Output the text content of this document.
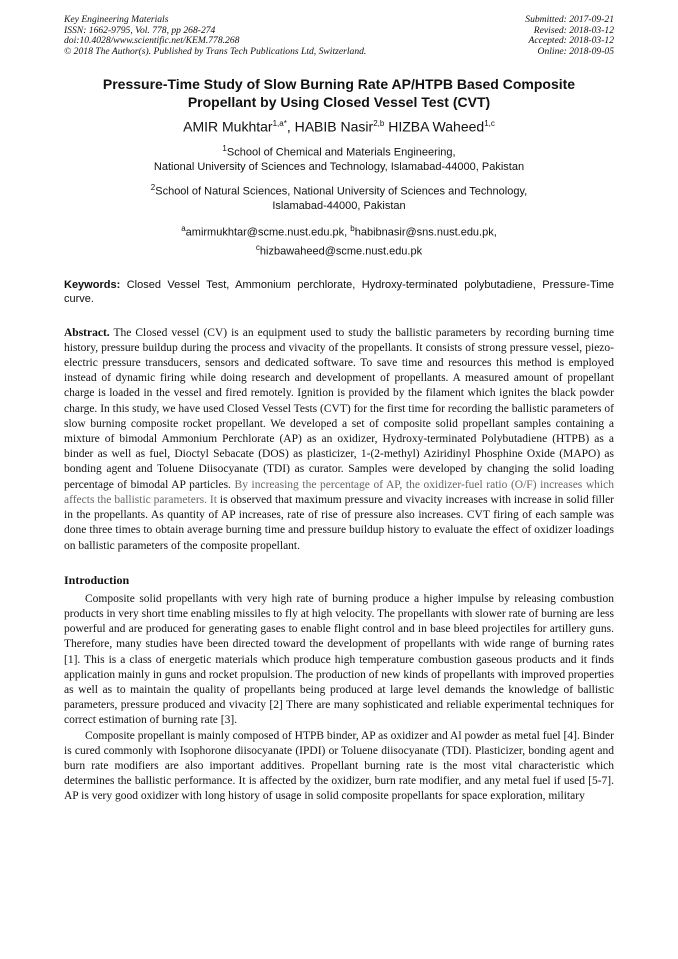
Key Engineering Materials
ISSN: 1662-9795, Vol. 778, pp 268-274
doi:10.4028/www.scientific.net/KEM.778.268
© 2018 The Author(s). Published by Trans Tech Publications Ltd, Switzerland.
Submitted: 2017-09-21
Revised: 2018-03-12
Accepted: 2018-03-12
Online: 2018-09-05
Pressure-Time Study of Slow Burning Rate AP/HTPB Based Composite
Propellant by Using Closed Vessel Test (CVT)
AMIR Mukhtar$^{1,a*}$, HABIB Nasir$^{2,b}$ HIZBA Waheed$^{1,c}$
$^1$School of Chemical and Materials Engineering,
National University of Sciences and Technology, Islamabad-44000, Pakistan
$^2$School of Natural Sciences, National University of Sciences and Technology,
Islamabad-44000, Pakistan
$^a$amirmukhtar@scme.nust.edu.pk, $^b$habibnasir@sns.nust.edu.pk,
$^c$hizbawaheed@scme.nust.edu.pk
Keywords: Closed Vessel Test, Ammonium perchlorate, Hydroxy-terminated polybutadiene, Pressure-Time curve.
Abstract. The Closed vessel (CV) is an equipment used to study the ballistic parameters by recording burning time history, pressure buildup during the process and vivacity of the propellants. It consists of strong pressure vessel, piezo-electric pressure transducers, sensors and dedicated software. To save time and resources this method is employed instead of dynamic firing while doing research and development of propellants. A measured amount of propellant charge is loaded in the vessel and fired remotely. Ignition is provided by the filament which ignites the black powder charge. In this study, we have used Closed Vessel Tests (CVT) for the first time for recording the ballistic parameters of slow burning composite rocket propellant. We developed a set of composite solid propellant samples containing a mixture of bimodal Ammonium Perchlorate (AP) as an oxidizer, Hydroxy-terminated Polybutadiene (HTPB) as a binder as well as fuel, Dioctyl Sebacate (DOS) as plasticizer, 1-(2-methyl) Aziridinyl Phosphine Oxide (MAPO) as bonding agent and Toluene Diisocyanate (TDI) as curator. Samples were developed by changing the solid loading percentage of bimodal AP particles. By increasing the percentage of AP, the oxidizer-fuel ratio (O/F) increases which affects the ballistic parameters. It is observed that maximum pressure and vivacity increases with increase in solid filler in the propellants. As quantity of AP increases, rate of rise of pressure also increases. CVT firing of each sample was done three times to obtain average burning time and pressure buildup history to evaluate the effect of oxidizer loadings on ballistic parameters of the composite propellant.
Introduction

Composite solid propellants with very high rate of burning produce a higher impulse by releasing combustion products in very short time enabling missiles to fly at high velocity. The propellants with slower rate of burning are less powerful and are produced for generating gases to enable flight control and in base bleed projectiles for artillery guns. Therefore, many studies have been directed toward the development of propellants with wide range of burning rates [1]. This is a class of energetic materials which produce high temperature combustion gaseous products and it finds application mainly in guns and rocket propulsion. The production of new kinds of propellants with improved properties as well as to maintain the quality of propellants being produced at large level demands the knowledge of ballistic parameters, pressure produced and vivacity [2] There are many sophisticated and reliable experimental techniques for correct estimation of burning rate [3].

Composite propellant is mainly composed of HTPB binder, AP as oxidizer and Al powder as metal fuel [4]. Binder is cured commonly with Isophorone diisocyanate (IPDI) or Toluene diisocyanate (TDI). Plasticizer, bonding agent and burn rate modifiers are also important additives. Propellant burning rate is the most vital characteristic which determines the ballistic performance. It is affected by the oxidizer, burn rate modifier, and any metal fuel if used [5-7]. AP is very good oxidizer with long history of usage in solid composite propellants for space exploration, military
